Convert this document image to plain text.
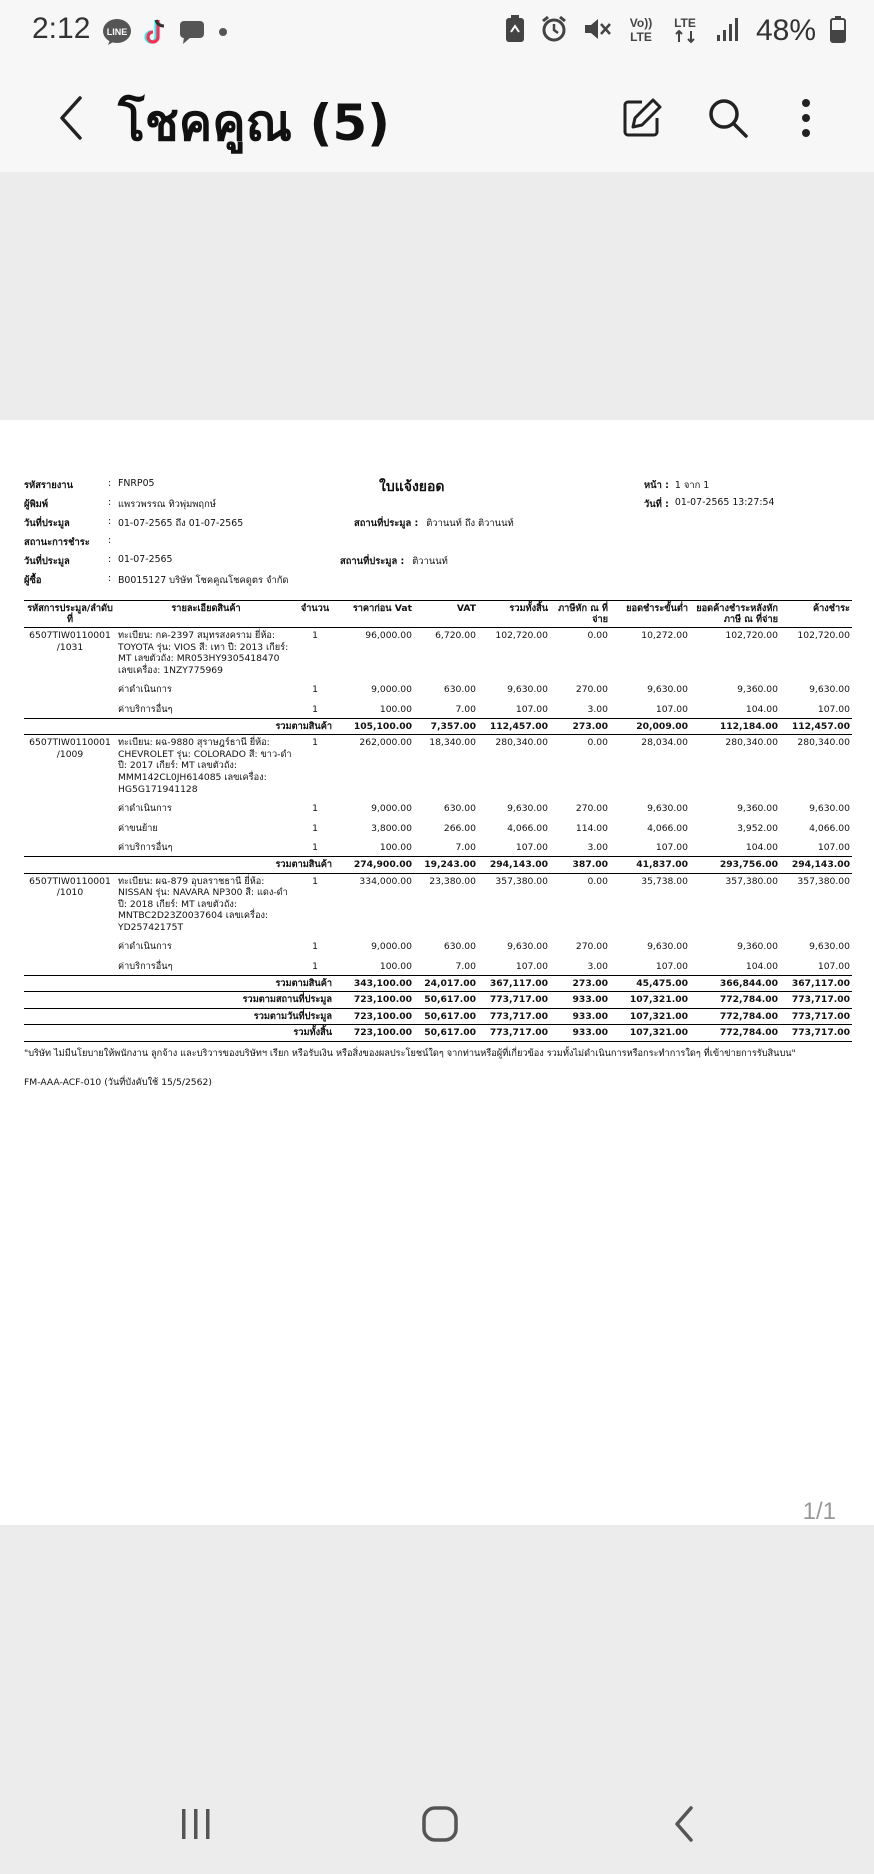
2:12 LINE
Vo))
LTE
LTE 48%
โชคคูณ (5)
ใบแจ้งยอด
รหัสรายงาน	: FNRP05
ผู้พิมพ์	: แพรวพรรณ ทิวพุ่มพฤกษ์
วันที่ประมูล	: 01-07-2565 ถึง 01-07-2565
สถานะการชำระ	:
วันที่ประมูล	: 01-07-2565
ผู้ซื้อ	: B0015127 บริษัท โชคคูณโชคดูตร จำกัด
สถานที่ประมูล : ติวานนท์ ถึง ติวานนท์
สถานที่ประมูล : ติวานนท์
หน้า : 1 จาก 1
วันที่ : 01-07-2565 13:27:54
รหัสการประมูล/ลำดับที่	รายละเอียดสินค้า	จำนวน	ราคาก่อน Vat	VAT	รวมทั้งสิ้น	ภาษีหัก ณ ที่จ่าย	ยอดชำระขั้นต่ำ	ยอดค้างชำระหลังหักภาษี ณ ที่จ่าย	ค้างชำระ
6507TIW0110001 /1031	ทะเบียน: กค-2397 สมุทรสงคราม ยี่ห้อ: TOYOTA รุ่น: VIOS สี: เทา ปี: 2013 เกียร์: MT เลขตัวถัง: MR053HY9305418470 เลขเครื่อง: 1NZY775969	1	96,000.00	6,720.00	102,720.00	0.00	10,272.00	102,720.00	102,720.00
	ค่าดำเนินการ	1	9,000.00	630.00	9,630.00	270.00	9,630.00	9,360.00	9,630.00
	ค่าบริการอื่นๆ	1	100.00	7.00	107.00	3.00	107.00	104.00	107.00
รวมตามสินค้า			105,100.00	7,357.00	112,457.00	273.00	20,009.00	112,184.00	112,457.00
6507TIW0110001 /1009	ทะเบียน: ผฉ-9880 สุราษฎร์ธานี ยี่ห้อ: CHEVROLET รุ่น: COLORADO สี: ขาว-ดำ ปี: 2017 เกียร์: MT เลขตัวถัง: MMM142CL0JH614085 เลขเครื่อง: HG5G171941128	1	262,000.00	18,340.00	280,340.00	0.00	28,034.00	280,340.00	280,340.00
	ค่าดำเนินการ	1	9,000.00	630.00	9,630.00	270.00	9,630.00	9,360.00	9,630.00
	ค่าขนย้าย	1	3,800.00	266.00	4,066.00	114.00	4,066.00	3,952.00	4,066.00
	ค่าบริการอื่นๆ	1	100.00	7.00	107.00	3.00	107.00	104.00	107.00
รวมตามสินค้า			274,900.00	19,243.00	294,143.00	387.00	41,837.00	293,756.00	294,143.00
6507TIW0110001 /1010	ทะเบียน: ผฉ-879 อุบลราชธานี ยี่ห้อ: NISSAN รุ่น: NAVARA NP300 สี: แดง-ดำ ปี: 2018 เกียร์: MT เลขตัวถัง: MNTBC2D23Z0037604 เลขเครื่อง: YD25742175T	1	334,000.00	23,380.00	357,380.00	0.00	35,738.00	357,380.00	357,380.00
	ค่าดำเนินการ	1	9,000.00	630.00	9,630.00	270.00	9,630.00	9,360.00	9,630.00
	ค่าบริการอื่นๆ	1	100.00	7.00	107.00	3.00	107.00	104.00	107.00
รวมตามสินค้า			343,100.00	24,017.00	367,117.00	273.00	45,475.00	366,844.00	367,117.00
รวมตามสถานที่ประมูล			723,100.00	50,617.00	773,717.00	933.00	107,321.00	772,784.00	773,717.00
รวมตามวันที่ประมูล			723,100.00	50,617.00	773,717.00	933.00	107,321.00	772,784.00	773,717.00
รวมทั้งสิ้น			723,100.00	50,617.00	773,717.00	933.00	107,321.00	772,784.00	773,717.00
"บริษัท ไม่มีนโยบายให้พนักงาน ลูกจ้าง และบริวารของบริษัทฯ เรียก หรือรับเงิน หรือสิ่งของผลประโยชน์ใดๆ จากท่านหรือผู้ที่เกี่ยวข้อง รวมทั้งไม่ดำเนินการหรือกระทำการใดๆ ที่เข้าข่ายการรับสินบน"
FM-AAA-ACF-010 (วันที่บังคับใช้ 15/5/2562)
1/1
